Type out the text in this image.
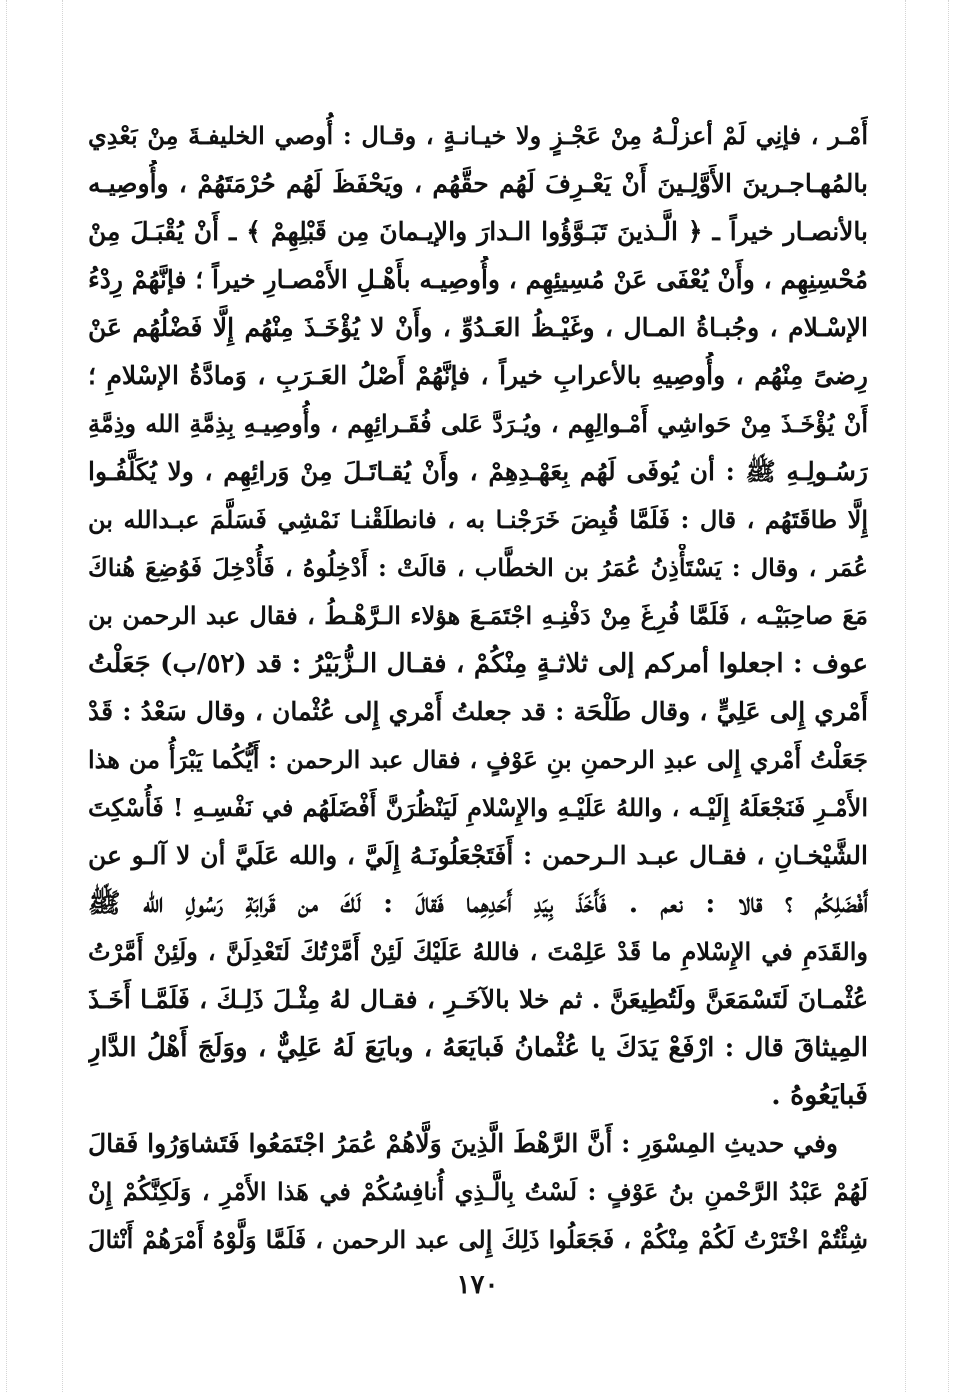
أَمْـر ، فإنِي لَمْ أعزلْـهُ مِنْ عَجْـزٍ ولا خيـانـةٍ ، وقـال : أُوصي الخليفـةَ مِنْ بَعْدِي
بالمُهـاجـرينَ الأَوَّلِـينَ أَنْ يَعْـرِفَ لَهُم حقَّهُم ، ويَحْفَظَ لَهُم حُرْمَتَهُمْ ، وأُوصِيـه
بالأنصـار خيراً ـ ﴿ الَّـذينَ تَبَـوَّؤُوا الـدارَ والإيـمانَ مِن قَبْلِهِمْ ﴾ ـ أَنْ يُقْبَـلَ مِنْ
مُحْسِنِهِم ، وأَنْ يُعْفَى عَنْ مُسِيئِهِم ، وأُوصِيـه بأَهْـلِ الأَمْصـارِ خيراً ؛ فإنَّهُمْ رِدْءُ
الإسْـلام ، وجُبـاةُ المـال ، وغَيْـظُ العَـدُوِّ ، وأَنْ لا يُؤْخَـذَ مِنْهُم إِلَّا فَضْلُهُم عَنْ
رِضىً مِنْهُم ، وأُوصِيهِ بالأعرابِ خيراً ، فإنَّهُمْ أَصْلُ العَـرَبِ ، وَمادَّةُ الإسْلامِ ؛
أَنْ يُؤْخَـذَ مِنْ حَواشِي أَمْـوالِهِم ، ويُـرَدَّ عَلى فُقَـرائِهِم ، وأُوصِيـهِ بِذِمَّةِ الله وذِمَّةِ
رَسُـولِـهِ ﷺ : أن يُوفَى لَهُم بِعَهْـدِهِمْ ، وأَنْ يُقـاتَـلَ مِنْ وَرائِهِم ، ولا يُكَلَّفُـوا
إِلَّا طاقَتَهُم ، قال : فَلَمَّا قُبِضَ خَرَجْنـا به ، فانطلَقْنـا نَمْشِي فَسَلَّمَ عبـدالله بن
عُمَر ، وقال : يَسْتَأْذِنُ عُمَرُ بن الخطَّاب ، قالَتْ : أَدْخِلُوهُ ، فَأُدْخِلَ فَوُضِعَ هُناكَ
مَعَ صاحِبَيْـه ، فَلَمَّا فُرِغَ مِنْ دَفْنِـهِ اجْتَمَـعَ هؤلاء الـرَّهْـطُ ، فقال عبد الرحمن بن
عوف : اجعلوا أمركم إلى ثلاثـةٍ مِنْكُمْ ، فقـال الـزُّبَيْرُ : قد (٥٢/ب) جَعَلْتُ
أَمْري إِلى عَلِيٍّ ، وقال طَلْحَة : قد جعلتُ أَمْري إِلى عُثْمان ، وقال سَعْدُ : قَدْ
جَعَلْتُ أَمْري إِلى عبدِ الرحمنِ بنِ عَوْفٍ ، فقال عبد الرحمن : أَيُّكُما يَبْرَأُ من هذا
الأَمْـرِ فَنَجْعَلَهُ إِلَيْـه ، واللهُ عَلَيْـهِ والإِسْلامِ لَيَنْظُرَنَّ أَفْضَلَهُم في نَفْسِـهِ ! فَأُسْكِتَ
الشَّيْخـانِ ، فقـال عبـد الـرحمن : أَفَتَجْعَلُونَـهُ إِلَيَّ ، والله عَلَيَّ أن لا آلـو عن
أَفْضَلِكُم ؟ قالا : نعم . فَأَخَذَ بِيَدِ أَحَدِهِما فَقالَ : لَكَ من قَرابَةِ رَسُولِ الله ﷺ
والقَدَمِ في الإِسْلامِ ما قَدْ عَلِمْتَ ، فاللهُ عَلَيْكَ لَئِنْ أَمَّرْتُكَ لَتَعْدِلَنَّ ، ولَئِنْ أَمَّرْتُ
عُثْمـانَ لَتَسْمَعَنَّ ولَتُطِيعَنَّ . ثم خلا بالآخَـرِ ، فقـال لهُ مِثْـلَ ذَلِـكَ ، فَلَمَّـا أَخَـذَ
المِيثاقَ قال : ارْفَعْ يَدَكَ يا عُثْمانُ فَبايَعَهُ ، وبايَعَ لَهُ عَلِيٌّ ، ووَلَجَ أَهْلُ الدَّارِ
فَبايَعُوهُ .
وفي حديثِ المِسْوَرِ : أَنَّ الرَّهْطَ الَّذِينَ وَلَّاهُمْ عُمَرُ اجْتَمَعُوا فَتَشاوَرُوا فَقالَ
لَهُمْ عَبْدُ الرَّحْمنِ بنُ عَوْفٍ : لَسْتُ بِالَّـذِي أُنافِسُكُمْ في هَذا الأَمْرِ ، وَلَكِنَّكُمْ إِنْ
شِئْتُمْ اخْتَرْتُ لَكُمْ مِنْكُمْ ، فَجَعَلُوا ذَلِكَ إِلى عبد الرحمن ، فَلَمَّا وَلَّوْهُ أَمْرَهُمْ أَنْثالَ
١٧٠
